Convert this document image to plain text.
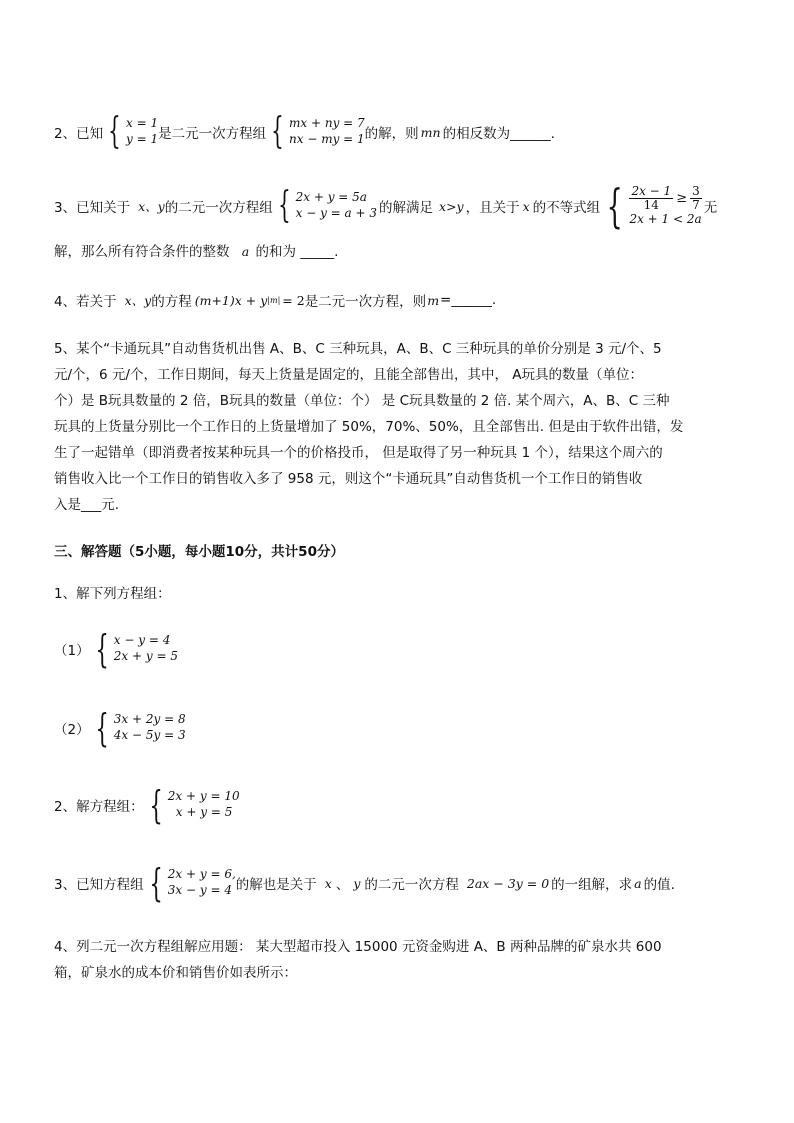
2、 已知 { x = 1
y = 1 是二元一次方程组 { mx + ny = 7
nx − my = 1 的解，则 mn 的相反数为______.
3、 已知关于 x、y 的二元一次方程组 { 2x + y = 5a
x − y = a + 3 的解满足 x>y ，且关于 x 的不等式组 { $\frac{2x - 1}{14} \ge \frac{3}{7}$
2x + 1 < 2a
无
解，那么所有符合条件的整数 a 的和为 _____.
4、 若关于 x、y 的方程 (m+1)x + y |m| = 2 是二元一次方程，则 m =______.
5、某个“卡通玩具”自动售货机出售 A、B、C 三种玩具，A、B、C 三种玩具的单价分别是 3 元/个、5
元/个，6 元/个，工作日期间，每天上货量是固定的，且能全部售出，其中， A玩具的数量（单位：
个）是 B玩具数量的 2 倍，B玩具的数量（单位：个） 是 C玩具数量的 2 倍. 某个周六，A、B、C 三种
玩具的上货量分别比一个工作日的上货量增加了 50%，70%、50%，且全部售出. 但是由于软件出错，发
生了一起错单（即消费者按某种玩具一个的价格投币， 但是取得了另一种玩具 1 个），结果这个周六的
销售收入比一个工作日的销售收入多了 958 元，则这个“卡通玩具”自动售货机一个工作日的销售收
入是___元.
三、解答题（5小题，每小题10分，共计50分）
1、解下列方程组：
（1） { x − y = 4
2x + y = 5
（2） { 3x + 2y = 8
4x − 5y = 3
2、解方程组： { 2x + y = 10
x + y = 5
3、已知方程组 { 2x + y = 6,
3x − y = 4 的解也是关于 x 、 y 的二元一次方程 2ax − 3y = 0 的一组解，求 a 的值.
4、列二元一次方程组解应用题： 某大型超市投入 15000 元资金购进 A、B 两种品牌的矿泉水共 600
箱，矿泉水的成本价和销售价如表所示：
